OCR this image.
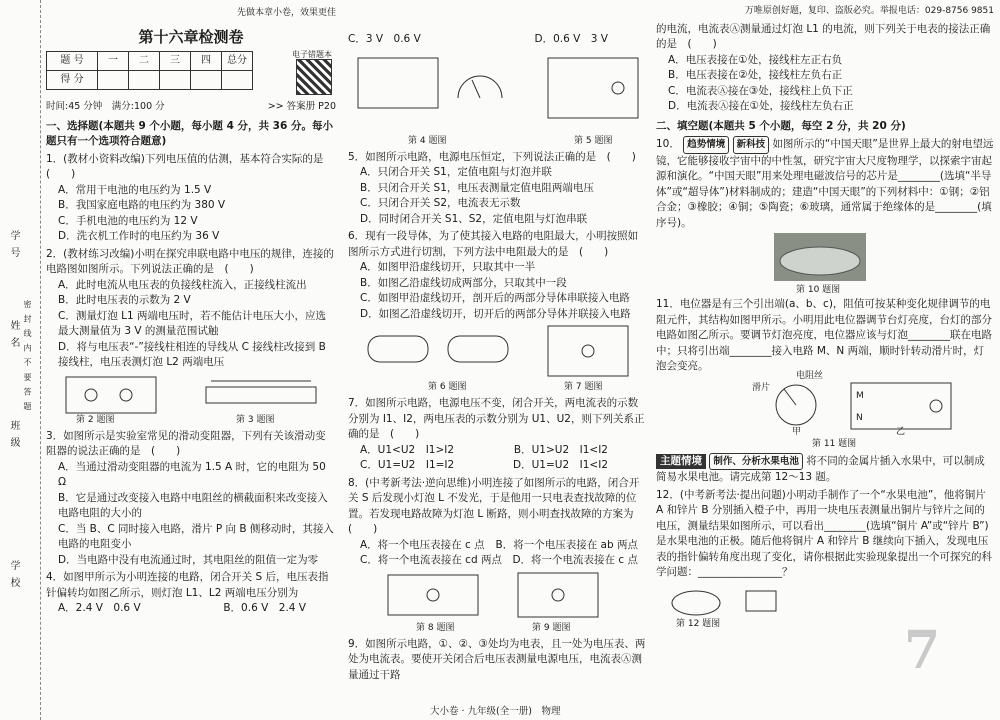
学 校
班 级
姓 名
学 号
密 封 线 内 不 要 答 题
先做本章小卷，效果更佳
第十六章检测卷
题 号	一	二	三	四	总分
得 分					
电子错题本
时间:45 分钟　满分:100 分	>> 答案册 P20
一、选择题(本题共 9 个小题，每小题 4 分，共 36 分。每小题只有一个选项符合题意)
1．(教材小资料改编)下列电压值的估测，基本符合实际的是　(　　)
A．常用干电池的电压约为 1.5 V
B．我国家庭电路的电压约为 380 V
C．手机电池的电压约为 12 V
D．洗衣机工作时的电压约为 36 V
2．(教材练习改编)小明在探究串联电路中电压的规律，连接的电路图如图所示。下列说法正确的是　(　　)
A．此时电流从电压表的负接线柱流入，正接线柱流出
B．此时电压表的示数为 2 V
C．测量灯泡 L1 两端电压时，若不能估计电压大小，应选最大测量值为 3 V 的测量范围试触
D．将与电压表“-”接线柱相连的导线从 C 接线柱改接到 B 接线柱，电压表测灯泡 L2 两端电压
第 2 题图	第 3 题图
3．如图所示是实验室常见的滑动变阻器，下列有关该滑动变阻器的说法正确的是　(　　)
A．当通过滑动变阻器的电流为 1.5 A 时，它的电阻为 50 Ω
B．它是通过改变接入电路中电阻丝的横截面积来改变接入电路电阻的大小的
C．当 B、C 同时接入电路，滑片 P 向 B 侧移动时，其接入电路的电阻变小
D．当电路中没有电流通过时，其电阻丝的阻值一定为零
4．如图甲所示为小明连接的电路，闭合开关 S 后，电压表指针偏转均如图乙所示，则灯泡 L1、L2 两端电压分别为
A．2.4 V　0.6 V	B．0.6 V　2.4 V
C．3 V　0.6 V	D．0.6 V　3 V
第 4 题图	第 5 题图
5．如图所示电路，电源电压恒定，下列说法正确的是　(　　)
A．只闭合开关 S1，定值电阻与灯泡并联
B．只闭合开关 S1，电压表测量定值电阻两端电压
C．只闭合开关 S2，电流表无示数
D．同时闭合开关 S1、S2，定值电阻与灯泡串联
6．现有一段导体，为了使其接入电路的电阻最大，小明按照如图所示方式进行切割，下列方法中电阻最大的是　(　　)
A．如图甲沿虚线切开，只取其中一半
B．如图乙沿虚线切成两部分，只取其中一段
C．如图甲沿虚线切开，剖开后的两部分导体串联接入电路
D．如图乙沿虚线切开，切开后的两部分导体并联接入电路
第 6 题图	第 7 题图
7．如图所示电路，电源电压不变，闭合开关，两电流表的示数分别为 I1、I2，两电压表的示数分别为 U1、U2，则下列关系正确的是　(　　)
A．U1<U2　I1>I2	B．U1>U2　I1<I2
C．U1=U2　I1=I2	D．U1=U2　I1<I2
8．(中考新考法·逆向思维)小明连接了如图所示的电路，闭合开关 S 后发现小灯泡 L 不发光，于是他用一只电表查找故障的位置。若发现电路故障为灯泡 L 断路，则小明查找故障的方案为　(　　)
A．将一个电压表接在 c 点 B．将一个电压表接在 ab 两点
C．将一个电流表接在 cd 两点 D．将一个电流表接在 c 点
第 8 题图	第 9 题图
9．如图所示电路，①、②、③处均为电表，且一处为电压表、两处为电流表。要使开关闭合后电压表测量电源电压，电流表Ⓐ测量通过干路
万唯原创好题，复印、盗版必究。举报电话：029-8756 9851
的电流，电流表Ⓐ测量通过灯泡 L1 的电流，则下列关于电表的接法正确的是　(　　)
A．电压表接在①处，接线柱左正右负
B．电压表接在②处，接线柱左负右正
C．电流表Ⓐ接在③处，接线柱上负下正
D．电流表Ⓐ接在①处，接线柱左负右正
二、填空题(本题共 5 个小题，每空 2 分，共 20 分)
10． 趋势情境 新科技 如图所示的“中国天眼”是世界上最大的射电望远镜，它能够接收宇宙中的中性氢，研究宇宙大尺度物理学，以探索宇宙起源和演化。“中国天眼”用来处理电磁波信号的芯片是________(选填“半导体”或“超导体”)材料制成的；建造“中国天眼”的下列材料中：①钢；②铝合金；③橡胶；④铜；⑤陶瓷；⑥玻璃，通常属于绝缘体的是________(填序号)。
第 10 题图
11．电位器是有三个引出端(a、b、c)，阻值可按某种变化规律调节的电阻元件，其结构如图甲所示。小明用此电位器调节台灯亮度，台灯的部分电路如图乙所示。要调节灯泡亮度，电位器应该与灯泡________联在电路中；只将引出端________接入电路 M、N 两端，顺时针转动滑片时，灯泡会变亮。
电阻丝
滑片
甲	乙
M
N
第 11 题图
主题情境 制作、分析水果电池 将不同的金属片插入水果中，可以制成简易水果电池。请完成第 12～13 题。
12．(中考新考法·提出问题)小明动手制作了一个“水果电池”，他将铜片 A 和锌片 B 分别插入橙子中，再用一块电压表测量出铜片与锌片之间的电压，测量结果如图所示，可以看出________(选填“铜片 A”或“锌片 B”)是水果电池的正极。随后他将铜片 A 和锌片 B 继续向下插入，发现电压表的指针偏转角度出现了变化，请你根据此实验现象提出一个可探究的科学问题：________________？
第 12 题图	7
大小卷 · 九年级(全一册)　物理
